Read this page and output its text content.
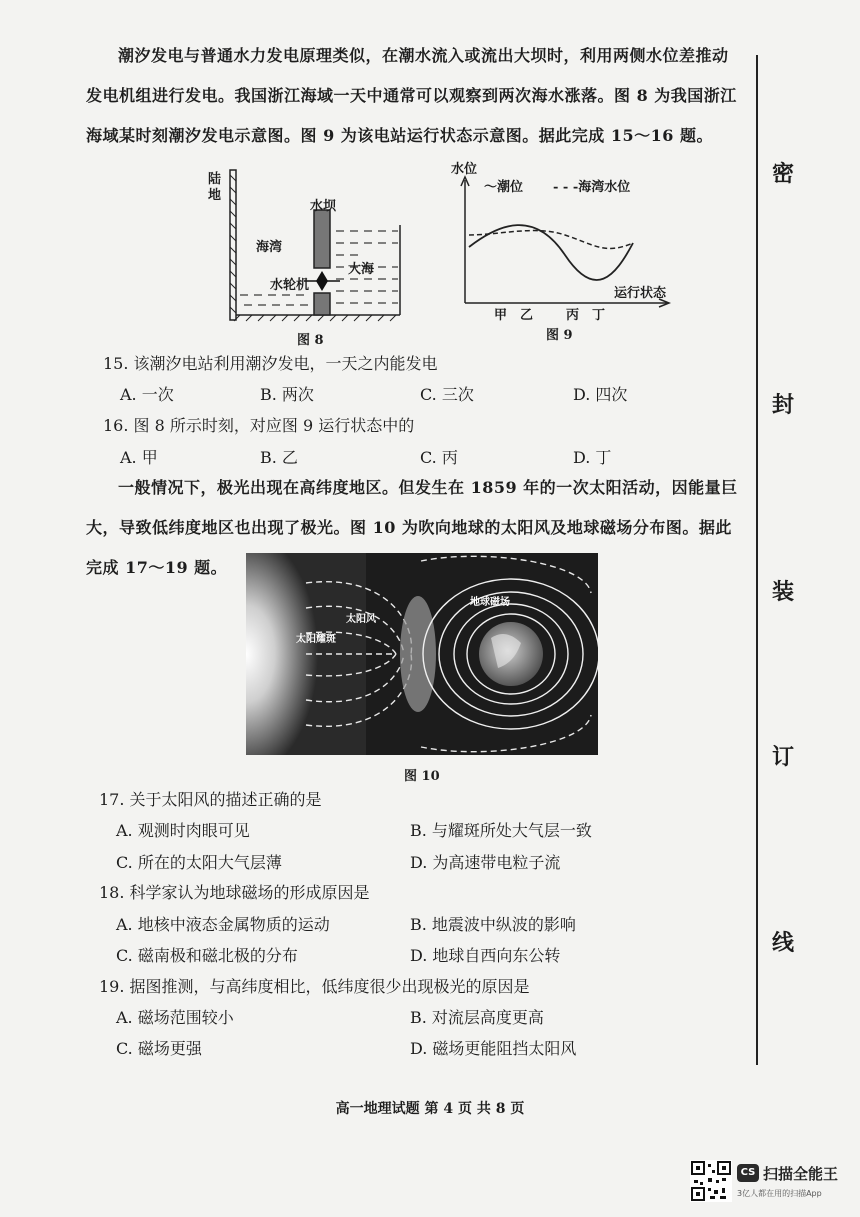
潮汐发电与普通水力发电原理类似，在潮水流入或流出大坝时，利用两侧水位差推动
发电机组进行发电。我国浙江海域一天中通常可以观察到两次海水涨落。图 8 为我国浙江
海域某时刻潮汐发电示意图。图 9 为该电站运行状态示意图。据此完成 15～16 题。
陆地
水坝
海湾
大海
水轮机
图 8
水位
～潮位 - - -海湾水位
运行状态
甲 乙	丙 丁
图 9
15. 该潮汐电站利用潮汐发电，一天之内能发电
A. 一次	B. 两次	C. 三次	D. 四次
16. 图 8 所示时刻，对应图 9 运行状态中的
A. 甲	B. 乙	C. 丙	D. 丁
一般情况下，极光出现在高纬度地区。但发生在 1859 年的一次太阳活动，因能量巨
大，导致低纬度地区也出现了极光。图 10 为吹向地球的太阳风及地球磁场分布图。据此
完成 17～19 题。
太阳风
太阳耀斑
地球磁场
图 10
17. 关于太阳风的描述正确的是
A. 观测时肉眼可见	B. 与耀斑所处大气层一致
C. 所在的太阳大气层薄	D. 为高速带电粒子流
18. 科学家认为地球磁场的形成原因是
A. 地核中液态金属物质的运动	B. 地震波中纵波的影响
C. 磁南极和磁北极的分布	D. 地球自西向东公转
19. 据图推测，与高纬度相比，低纬度很少出现极光的原因是
A. 磁场范围较小	B. 对流层高度更高
C. 磁场更强	D. 磁场更能阻挡太阳风
密
封
装
订
线
高一地理试题 第 4 页 共 8 页
CS 扫描全能王
3亿人都在用的扫描App
